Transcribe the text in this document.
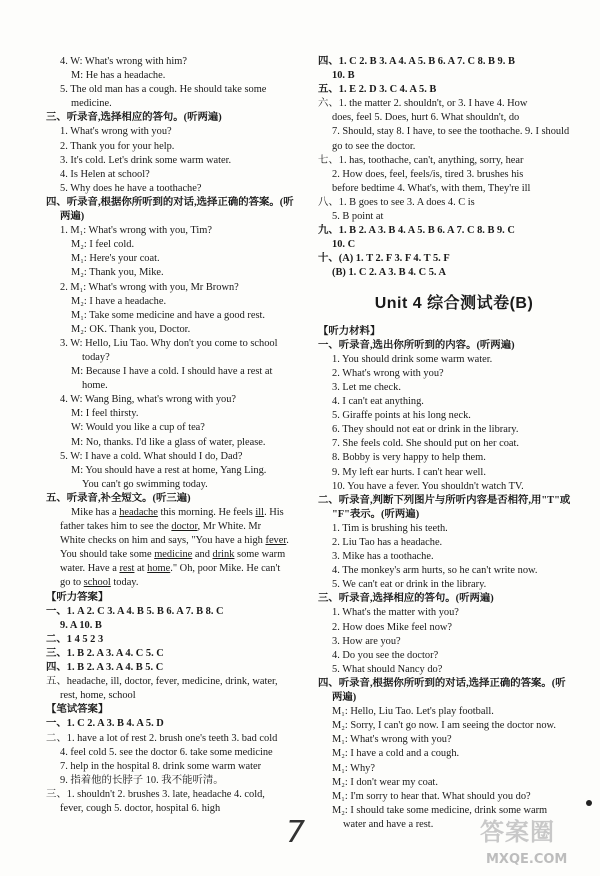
4. W: What's wrong with him?
M: He has a headache.
5. The old man has a cough. He should take some
medicine.
三、听录音,选择相应的答句。(听两遍)
1. What's wrong with you?
2. Thank you for your help.
3. It's cold. Let's drink some warm water.
4. Is Helen at school?
5. Why does he have a toothache?
四、听录音,根据你所听到的对话,选择正确的答案。(听
两遍)
1. M₁: What's wrong with you, Tim?
M₂: I feel cold.
M₁: Here's your coat.
M₂: Thank you, Mike.
2. M₁: What's wrong with you, Mr Brown?
M₂: I have a headache.
M₁: Take some medicine and have a good rest.
M₂: OK. Thank you, Doctor.
3. W: Hello, Liu Tao. Why don't you come to school
today?
M: Because I have a cold. I should have a rest at
home.
4. W: Wang Bing, what's wrong with you?
M: I feel thirsty.
W: Would you like a cup of tea?
M: No, thanks. I'd like a glass of water, please.
5. W: I have a cold. What should I do, Dad?
M: You should have a rest at home, Yang Ling.
You can't go swimming today.
五、听录音,补全短文。(听三遍)
Mike has a headache this morning. He feels ill. His
father takes him to see the doctor, Mr White. Mr
White checks on him and says, "You have a high fever.
You should take some medicine and drink some warm
water. Have a rest at home." Oh, poor Mike. He can't
go to school today.
【听力答案】
一、1. A 2. C 3. A 4. B 5. B 6. A 7. B 8. C
9. A 10. B
二、1 4 5 2 3
三、1. B 2. A 3. A 4. C 5. C
四、1. B 2. A 3. A 4. B 5. C
五、headache, ill, doctor, fever, medicine, drink, water,
rest, home, school
【笔试答案】
一、1. C 2. A 3. B 4. A 5. D
二、1. have a lot of rest 2. brush one's teeth 3. bad cold
4. feel cold 5. see the doctor 6. take some medicine
7. help in the hospital 8. drink some warm water
9. 指着他的长脖子 10. 我不能听清。
三、1. shouldn't 2. brushes 3. late, headache 4. cold,
fever, cough 5. doctor, hospital 6. high
四、1. C 2. B 3. A 4. A 5. B 6. A 7. C 8. B 9. B
10. B
五、1. E 2. D 3. C 4. A 5. B
六、1. the matter 2. shouldn't, or 3. I have 4. How
does, feel 5. Does, hurt 6. What shouldn't, do
7. Should, stay 8. I have, to see the toothache. 9. I should
go to see the doctor.
七、1. has, toothache, can't, anything, sorry, hear
2. How does, feel, feels/is, tired 3. brushes his
before bedtime 4. What's, with them, They're ill
八、1. B goes to see 3. A does 4. C is
5. B point at
九、1. B 2. A 3. B 4. A 5. B 6. A 7. C 8. B 9. C
10. C
十、(A) 1. T 2. F 3. F 4. T 5. F
(B) 1. C 2. A 3. B 4. C 5. A
Unit 4 综合测试卷(B)
【听力材料】
一、听录音,选出你所听到的内容。(听两遍)
1. You should drink some warm water.
2. What's wrong with you?
3. Let me check.
4. I can't eat anything.
5. Giraffe points at his long neck.
6. They should not eat or drink in the library.
7. She feels cold. She should put on her coat.
8. Bobby is very happy to help them.
9. My left ear hurts. I can't hear well.
10. You have a fever. You shouldn't watch TV.
二、听录音,判断下列图片与所听内容是否相符,用"T"或
"F"表示。(听两遍)
1. Tim is brushing his teeth.
2. Liu Tao has a headache.
3. Mike has a toothache.
4. The monkey's arm hurts, so he can't write now.
5. We can't eat or drink in the library.
三、听录音,选择相应的答句。(听两遍)
1. What's the matter with you?
2. How does Mike feel now?
3. How are you?
4. Do you see the doctor?
5. What should Nancy do?
四、听录音,根据你所听到的对话,选择正确的答案。(听
两遍)
M₁: Hello, Liu Tao. Let's play football.
M₂: Sorry, I can't go now. I am seeing the doctor now.
M₁: What's wrong with you?
M₂: I have a cold and a cough.
M₁: Why?
M₂: I don't wear my coat.
M₁: I'm sorry to hear that. What should you do?
M₂: I should take some medicine, drink some warm
water and have a rest.
7	答案圈
MXQE.COM
